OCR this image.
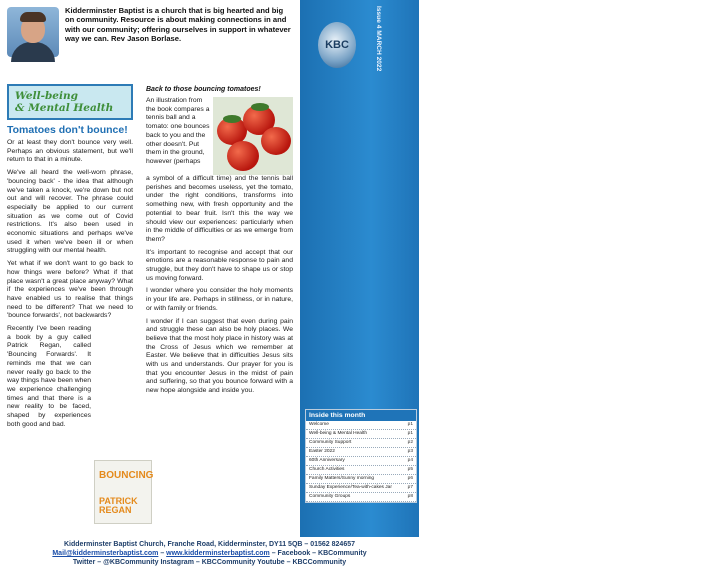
Kidderminster Baptist is a church that is big hearted and big on community. Resource is about making connections in and with our community; offering ourselves in support in whatever way we can. Rev Jason Borlase.
Well-being
& Mental Health
Tomatoes don't bounce!

Or at least they don't bounce very well. Perhaps an obvious statement, but we'll return to that in a minute.

We've all heard the well-worn phrase, 'bouncing back' - the idea that although we've taken a knock, we're down but not out and will recover. The phrase could especially be applied to our current situation as we come out of Covid restrictions. It's also been used in economic situations and perhaps we've used it when we've been ill or when struggling with our mental health.

Yet what if we don't want to go back to how things were before? What if that place wasn't a great place anyway? What if the experiences we've been through have enabled us to realise that things need to be different? That we need to 'bounce forwards', not backwards?

Recently I've been reading a book by a guy called Patrick Regan, called 'Bouncing Forwards'. It reminds me that we can never really go back to the way things have been when we experience challenging times and that there is a new reality to be faced, shaped by experiences both good and bad.

BOUNCING
PATRICK REGAN
Back to those bouncing tomatoes!
An illustration from the book compares a tennis ball and a tomato: one bounces back to you and the other doesn't. Put them in the ground, however (perhaps

a symbol of a difficult time) and the tennis ball perishes and becomes useless, yet the tomato, under the right conditions, transforms into something new, with fresh opportunity and the potential to bear fruit. Isn't this the way we should view our experiences: particularly when in the middle of difficulties or as we emerge from them?

It's important to recognise and accept that our emotions are a reasonable response to pain and struggle, but they don't have to shape us or stop us moving forward.

I wonder where you consider the holy moments in your life are. Perhaps in stillness, or in nature, or with family or friends.

I wonder if I can suggest that even during pain and struggle these can also be holy places. We believe that the most holy place in history was at the Cross of Jesus which we remember at Easter. We believe that in difficulties Jesus sits with us and understands. Our prayer for you is that you encounter Jesus in the midst of pain and suffering, so that you bounce forward with a new hope alongside and inside you.

Issue 4 MARCH 2022
KBC
resource
Inside this month
Welcome	p1
Well-being & Mental Health	p1
Community Support	p2
Easter 2022	p3
60th Anniversary	p4
Church Activities	p5
Family Matters/Sunny morning	p6
Sunday Experience/Tea-with-cakes Jar	p7
Community Groups	p8
Kidderminster Baptist Church, Franche Road, Kidderminster, DY11 5QB – 01562 824657
Mail@kidderminsterbaptist.com – www.kidderminsterbaptist.com – Facebook – KBCommunity
Twitter – @KBCommunity Instagram – KBCCommunity Youtube – KBCCommunity
